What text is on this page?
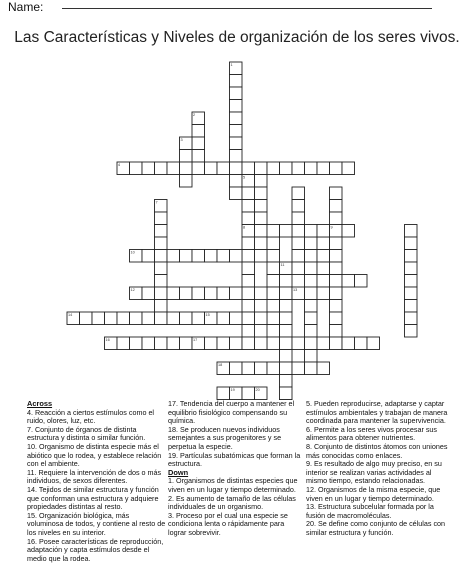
Name:
Las Características y Niveles de organización de los seres vivos.
1
2
3
4
5
7
8	9
10
11
12	13
14	15
16	17
18
19	20
Across
4. Reacción a ciertos estímulos como el ruido, olores, luz, etc.
7. Conjunto de órganos de distinta estructura y distinta o similar función.
10. Organismo de distinta especie más el abiótico que lo rodea, y establece relación con el ambiente.
11. Requiere la intervención de dos o más individuos, de sexos diferentes.
14. Tejidos de similar estructura y función que conforman una estructura y adquiere propiedades distintas al resto.
15. Organización biológica, más voluminosa de todos, y contiene al resto de los niveles en su interior.
16. Posee características de reproducción, adaptación y capta estímulos desde el medio que la rodea.
17. Tendencia del cuerpo a mantener el equilibrio fisiológico compensando su química.
18. Se producen nuevos individuos semejantes a sus progenitores y se perpetua la especie.
19. Partículas subatómicas que forman la estructura.
Down
1. Organismos de distintas especies que viven en un lugar y tiempo determinado.
2. Es aumento de tamaño de las células individuales de un organismo.
3. Proceso por el cual una especie se condiciona lenta o rápidamente para lograr sobrevivir.
5. Pueden reproducirse, adaptarse y captar estímulos ambientales y trabajan de manera coordinada para mantener la supervivencia.
6. Permite a los seres vivos procesar sus alimentos para obtener nutrientes.
8. Conjunto de distintos átomos con uniones más conocidas como enlaces.
9. Es resultado de algo muy preciso, en su interior se realizan varias actividades al mismo tiempo, estando relacionadas.
12. Organismos de la misma especie, que viven en un lugar y tiempo determinado.
13. Estructura subcelular formada por la fusión de macromoléculas.
20. Se define como conjunto de células con similar estructura y función.
